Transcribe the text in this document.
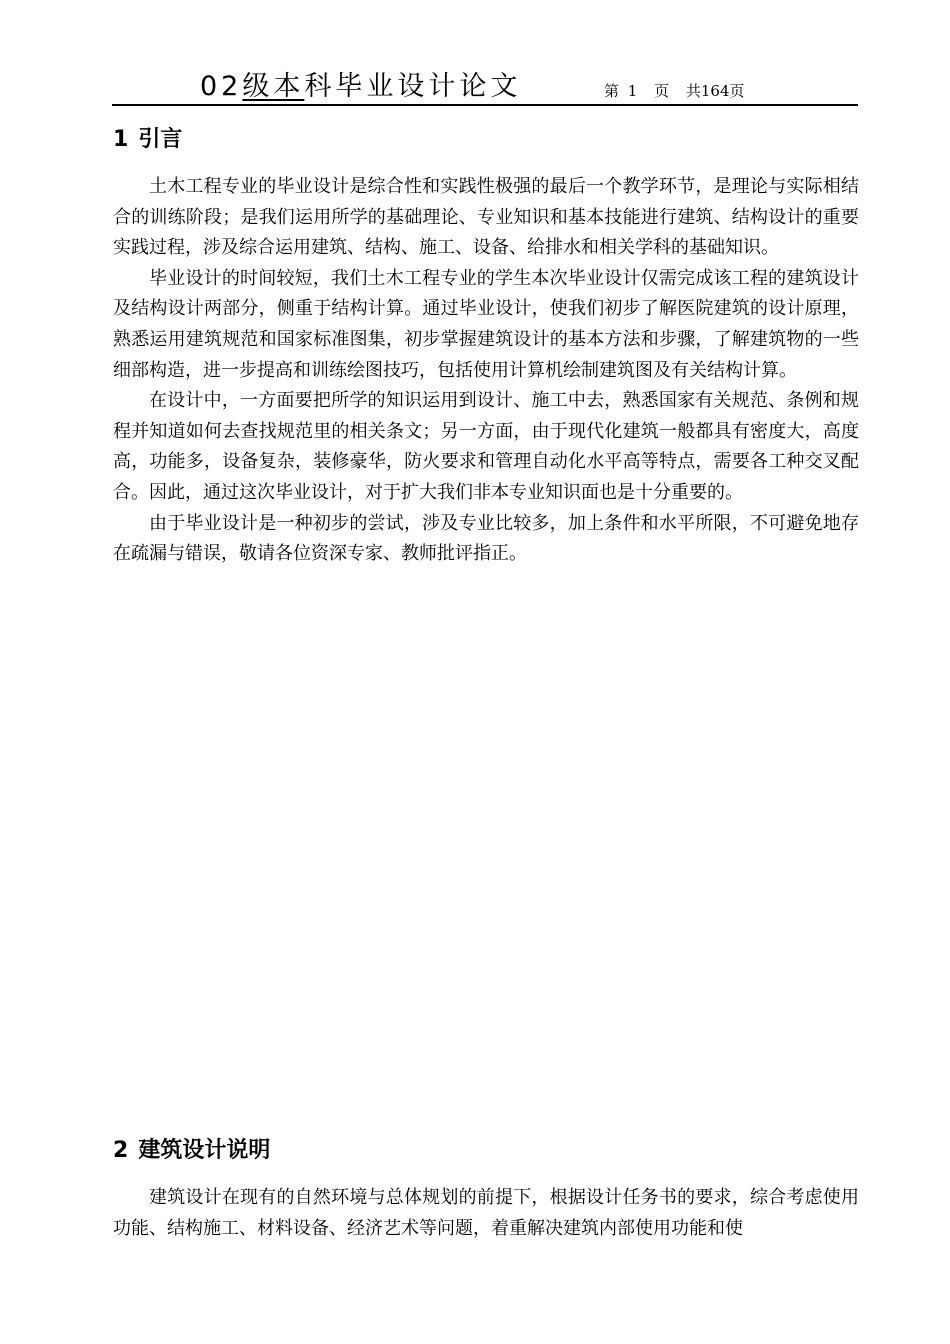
02级本科毕业设计论文	第 1 页 共164页
1 引言

土木工程专业的毕业设计是综合性和实践性极强的最后一个教学环节，是理论与实际相结合的训练阶段；是我们运用所学的基础理论、专业知识和基本技能进行建筑、结构设计的重要实践过程，涉及综合运用建筑、结构、施工、设备、给排水和相关学科的基础知识。

毕业设计的时间较短，我们土木工程专业的学生本次毕业设计仅需完成该工程的建筑设计及结构设计两部分，侧重于结构计算。通过毕业设计，使我们初步了解医院建筑的设计原理，熟悉运用建筑规范和国家标准图集，初步掌握建筑设计的基本方法和步骤，了解建筑物的一些细部构造，进一步提高和训练绘图技巧，包括使用计算机绘制建筑图及有关结构计算。

在设计中，一方面要把所学的知识运用到设计、施工中去，熟悉国家有关规范、条例和规程并知道如何去查找规范里的相关条文；另一方面，由于现代化建筑一般都具有密度大，高度高，功能多，设备复杂，装修豪华，防火要求和管理自动化水平高等特点，需要各工种交叉配合。因此，通过这次毕业设计，对于扩大我们非本专业知识面也是十分重要的。

由于毕业设计是一种初步的尝试，涉及专业比较多，加上条件和水平所限，不可避免地存在疏漏与错误，敬请各位资深专家、教师批评指正。

2 建筑设计说明

建筑设计在现有的自然环境与总体规划的前提下，根据设计任务书的要求，综合考虑使用功能、结构施工、材料设备、经济艺术等问题，着重解决建筑内部使用功能和使
